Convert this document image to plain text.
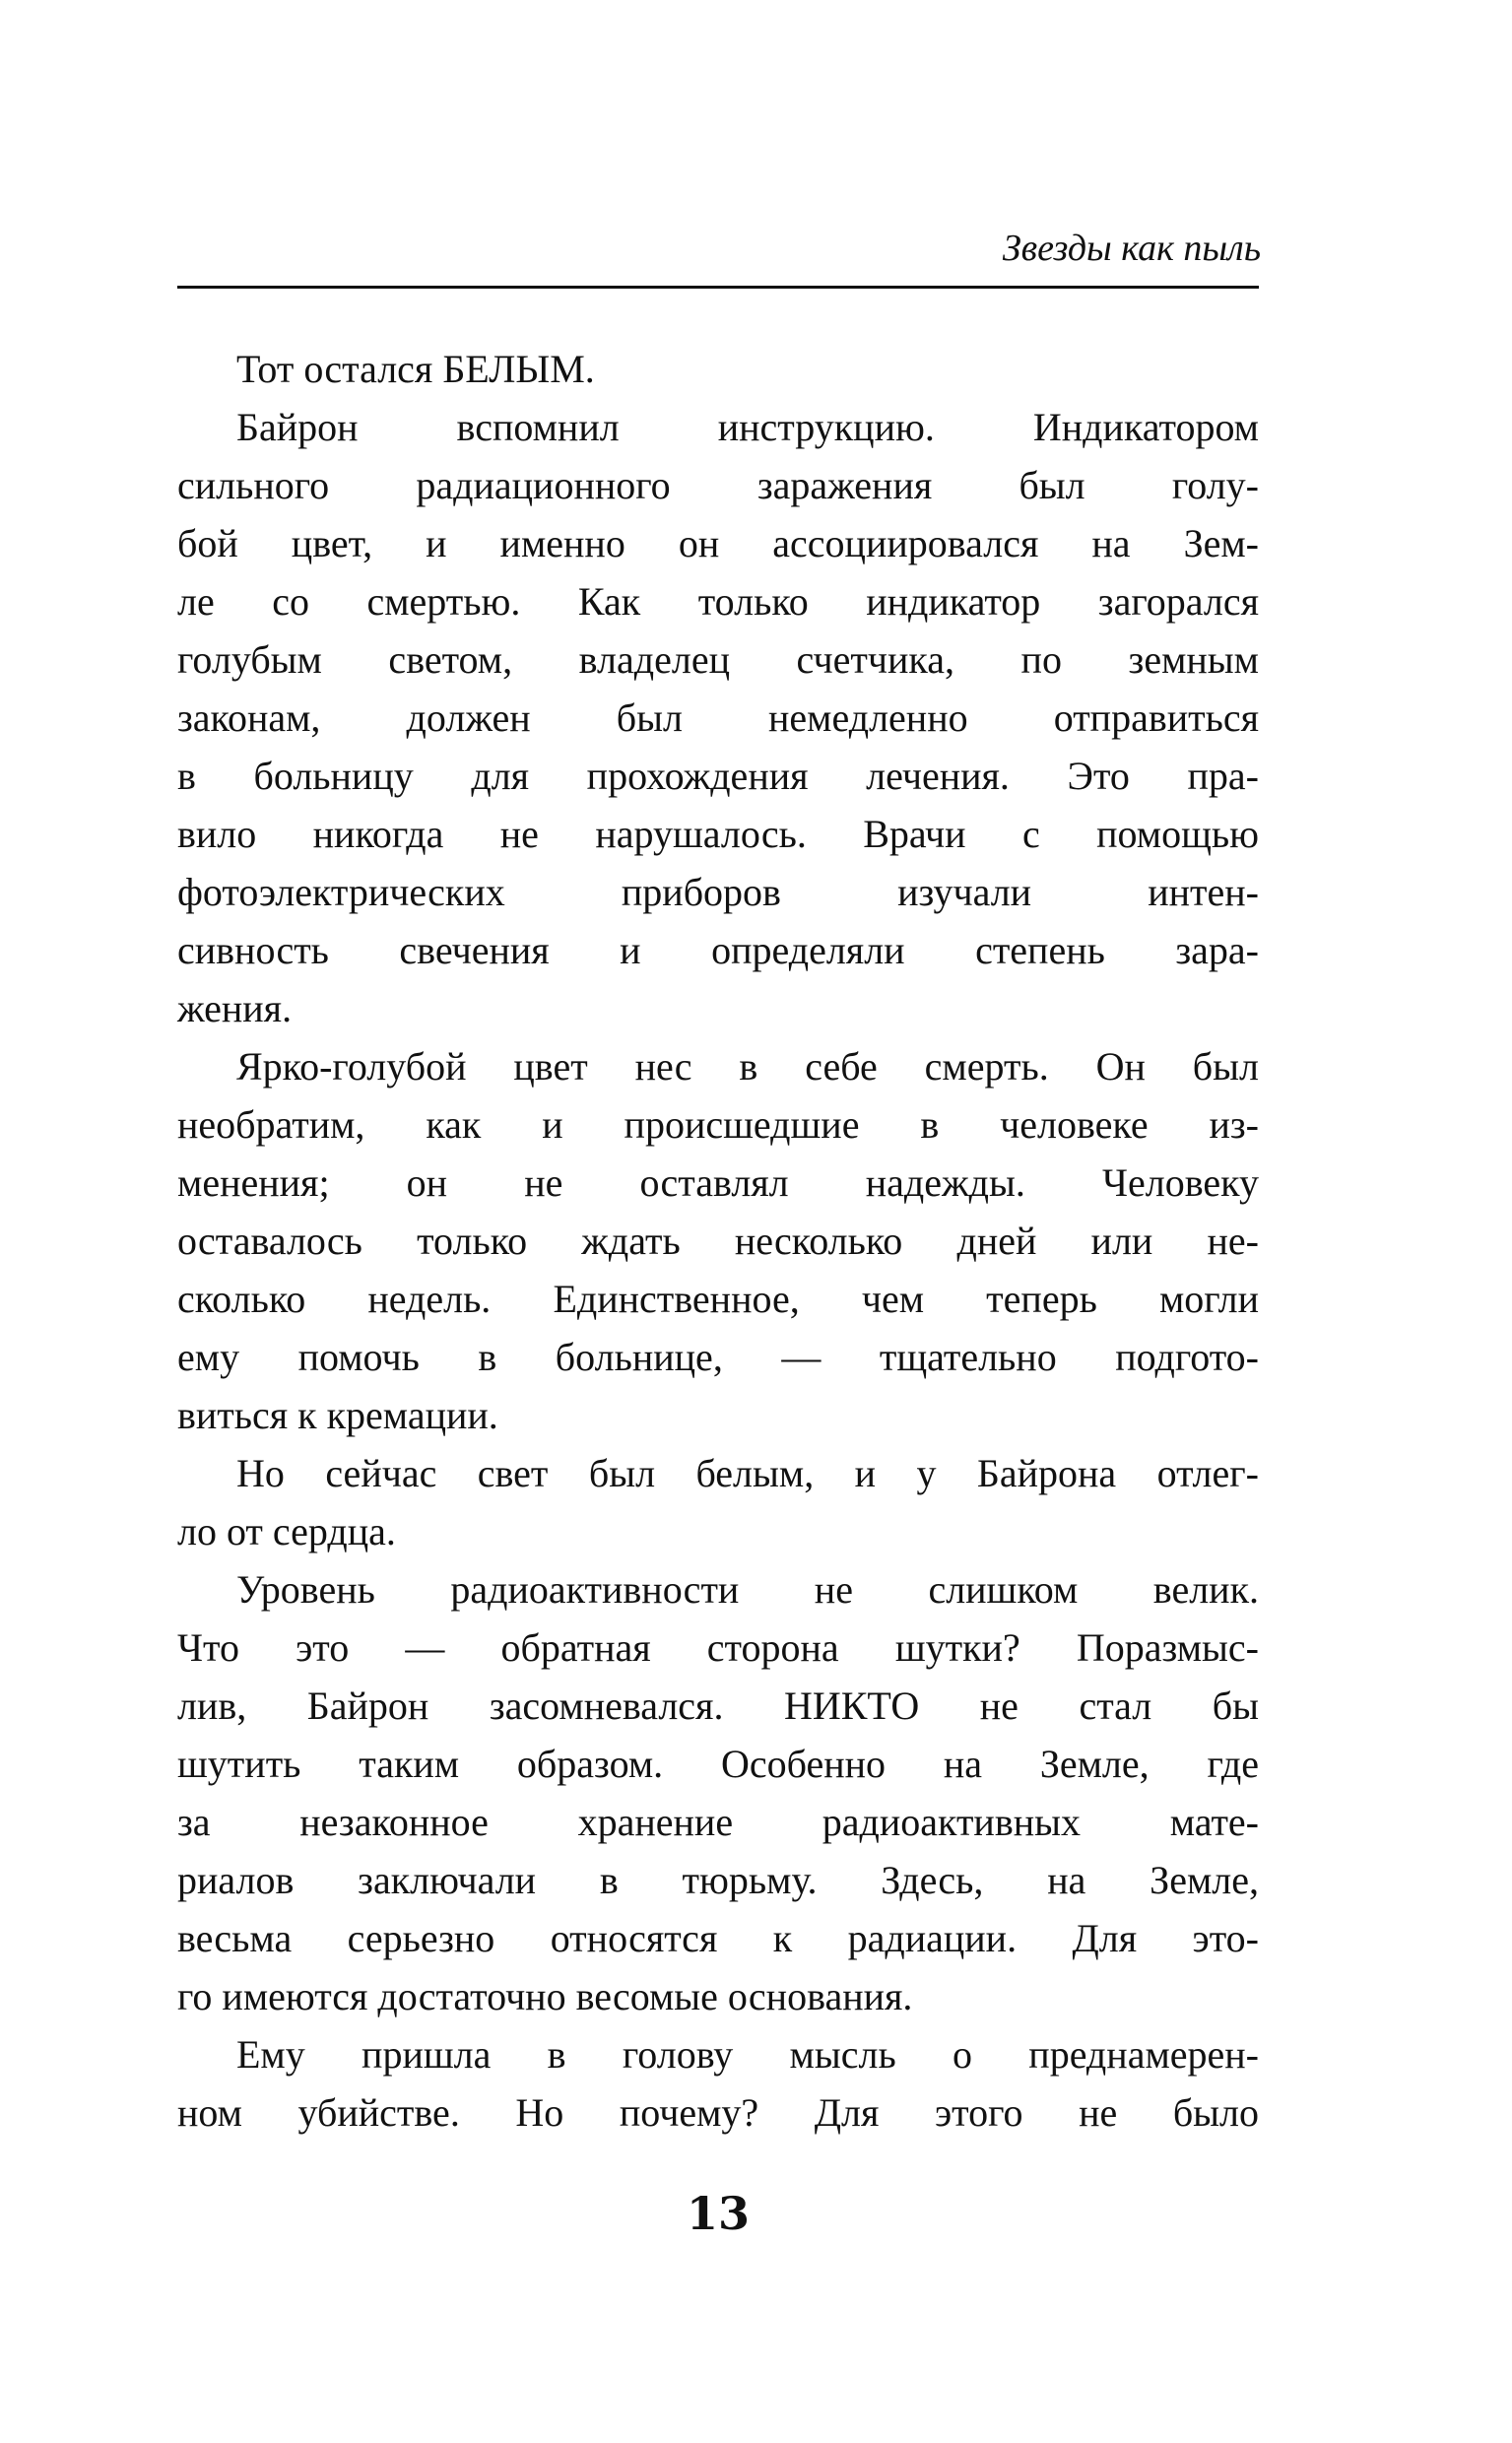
Звезды как пыль
Тот остался БЕЛЫМ.
Байрон вспомнил инструкцию. Индикатором
сильного радиационного заражения был голу-
бой цвет, и именно он ассоциировался на Зем-
ле со смертью. Как только индикатор загорался
голубым светом, владелец счетчика, по земным
законам, должен был немедленно отправиться
в больницу для прохождения лечения. Это пра-
вило никогда не нарушалось. Врачи с помощью
фотоэлектрических приборов изучали интен-
сивность свечения и определяли степень зара-
жения.
Ярко-голубой цвет нес в себе смерть. Он был
необратим, как и происшедшие в человеке из-
менения; он не оставлял надежды. Человеку
оставалось только ждать несколько дней или не-
сколько недель. Единственное, чем теперь могли
ему помочь в больнице, — тщательно подгото-
виться к кремации.
Но сейчас свет был белым, и у Байрона отлег-
ло от сердца.
Уровень радиоактивности не слишком велик.
Что это — обратная сторона шутки? Поразмыс-
лив, Байрон засомневался. НИКТО не стал бы
шутить таким образом. Особенно на Земле, где
за незаконное хранение радиоактивных мате-
риалов заключали в тюрьму. Здесь, на Земле,
весьма серьезно относятся к радиации. Для это-
го имеются достаточно весомые основания.
Ему пришла в голову мысль о преднамерен-
ном убийстве. Но почему? Для этого не было
13
